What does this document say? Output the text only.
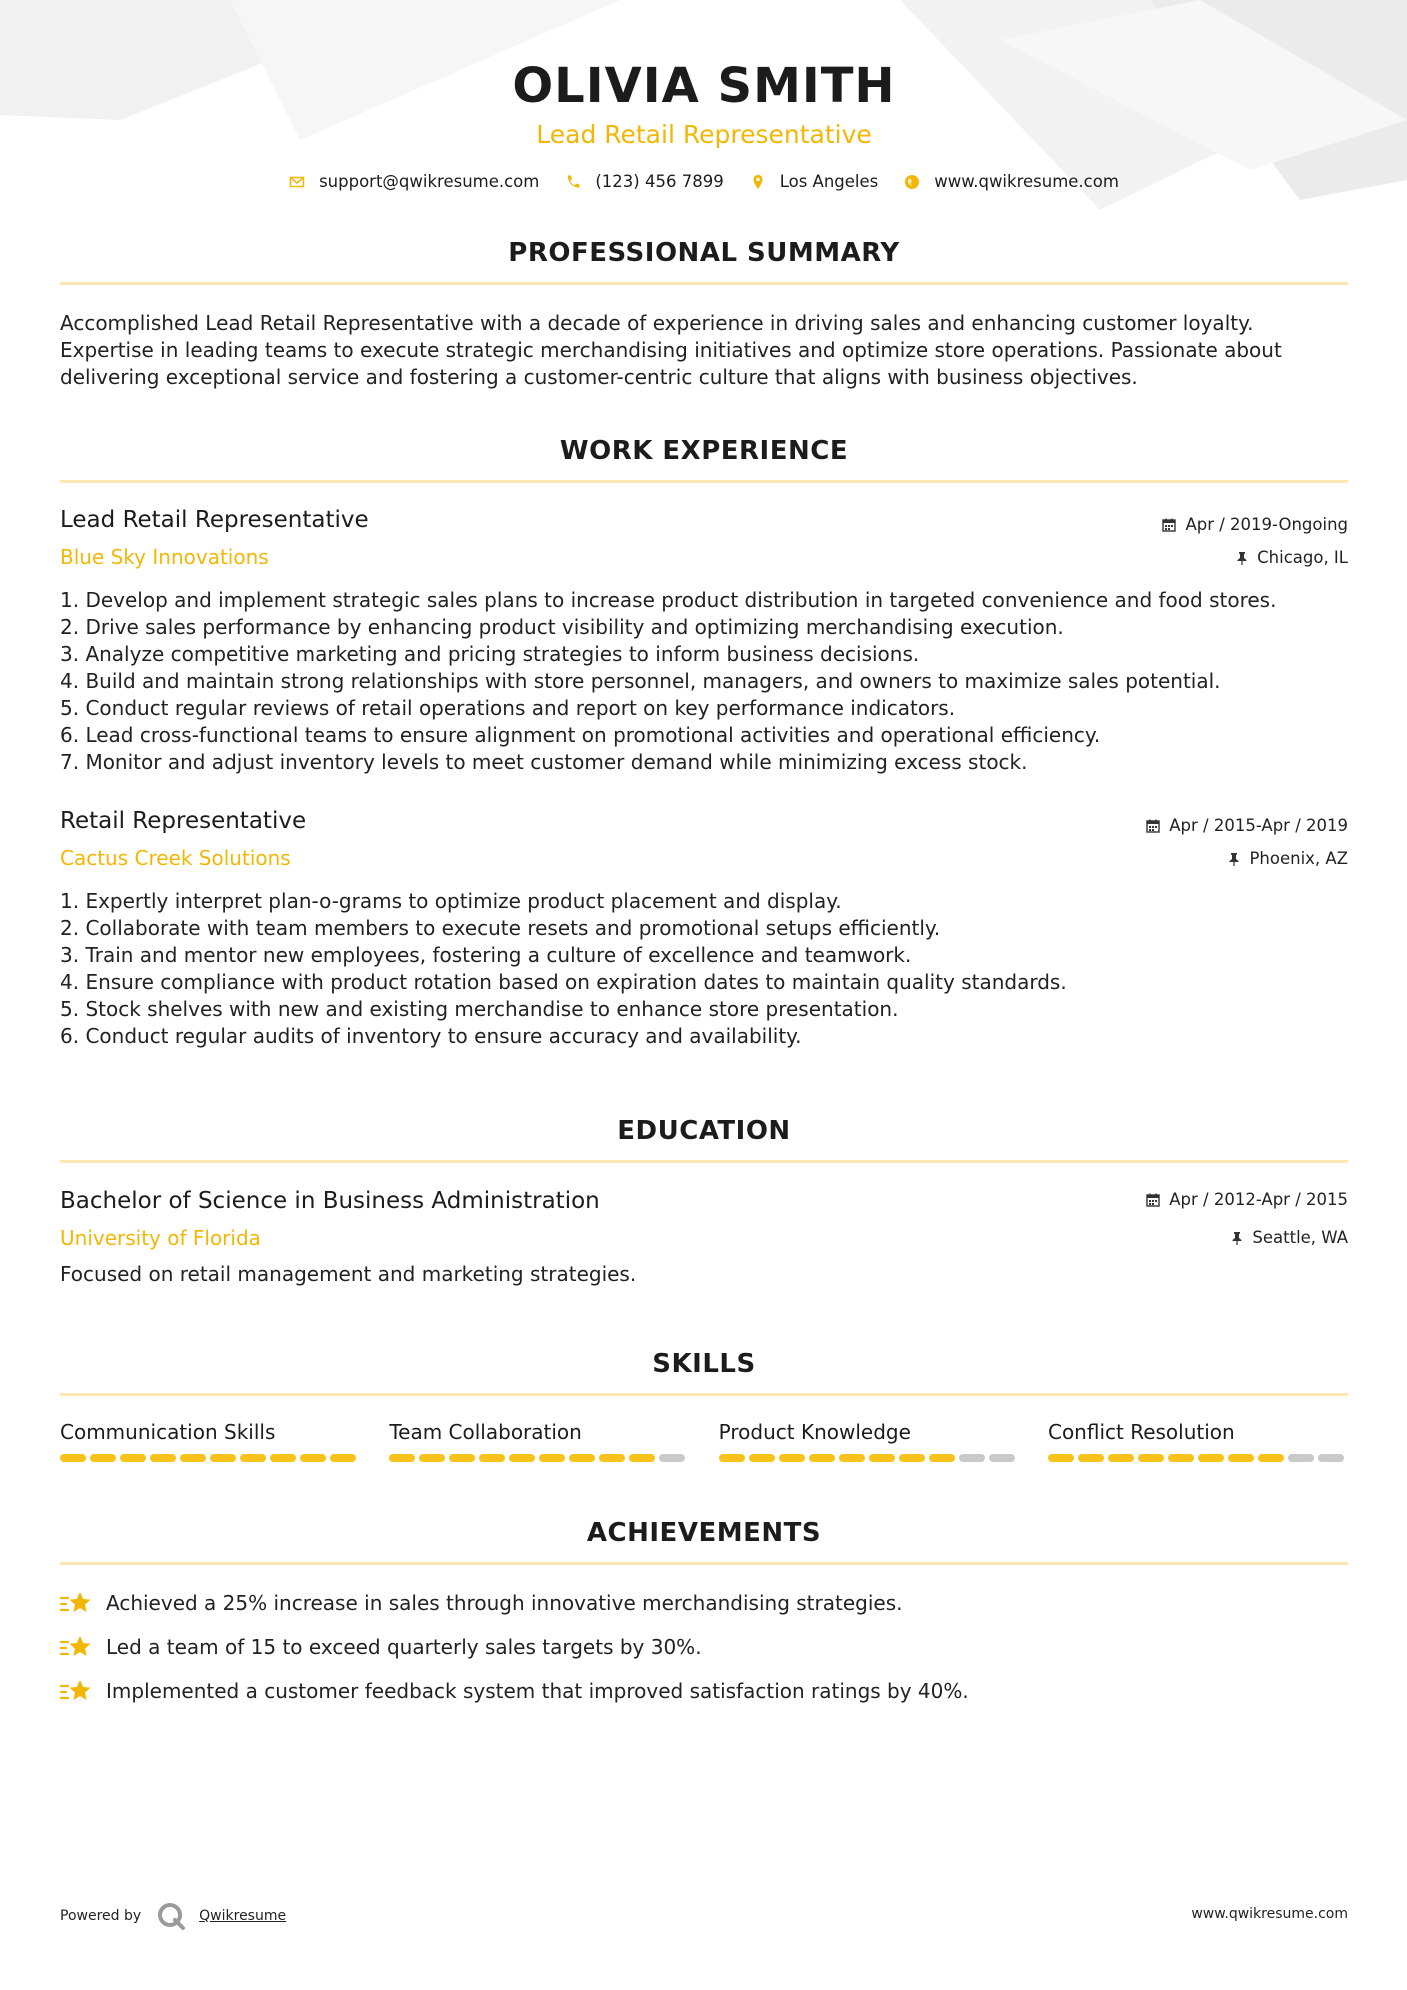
OLIVIA SMITH
Lead Retail Representative
support@qwikresume.com	(123) 456 7899	Los Angeles	www.qwikresume.com
PROFESSIONAL SUMMARY
Accomplished Lead Retail Representative with a decade of experience in driving sales and enhancing customer loyalty.
Expertise in leading teams to execute strategic merchandising initiatives and optimize store operations. Passionate about
delivering exceptional service and fostering a customer-centric culture that aligns with business objectives.
WORK EXPERIENCE
Lead Retail Representative
Blue Sky Innovations
Apr / 2019-Ongoing
Chicago, IL
1. Develop and implement strategic sales plans to increase product distribution in targeted convenience and food stores.
2. Drive sales performance by enhancing product visibility and optimizing merchandising execution.
3. Analyze competitive marketing and pricing strategies to inform business decisions.
4. Build and maintain strong relationships with store personnel, managers, and owners to maximize sales potential.
5. Conduct regular reviews of retail operations and report on key performance indicators.
6. Lead cross-functional teams to ensure alignment on promotional activities and operational efficiency.
7. Monitor and adjust inventory levels to meet customer demand while minimizing excess stock.
Retail Representative
Cactus Creek Solutions
Apr / 2015-Apr / 2019
Phoenix, AZ
1. Expertly interpret plan-o-grams to optimize product placement and display.
2. Collaborate with team members to execute resets and promotional setups efficiently.
3. Train and mentor new employees, fostering a culture of excellence and teamwork.
4. Ensure compliance with product rotation based on expiration dates to maintain quality standards.
5. Stock shelves with new and existing merchandise to enhance store presentation.
6. Conduct regular audits of inventory to ensure accuracy and availability.
EDUCATION
Bachelor of Science in Business Administration
University of Florida
Apr / 2012-Apr / 2015
Seattle, WA
Focused on retail management and marketing strategies.
SKILLS
Communication Skills	Team Collaboration	Product Knowledge	Conflict Resolution
ACHIEVEMENTS
Achieved a 25% increase in sales through innovative merchandising strategies.
Led a team of 15 to exceed quarterly sales targets by 30%.
Implemented a customer feedback system that improved satisfaction ratings by 40%.
Powered by	Qwikresume	www.qwikresume.com
